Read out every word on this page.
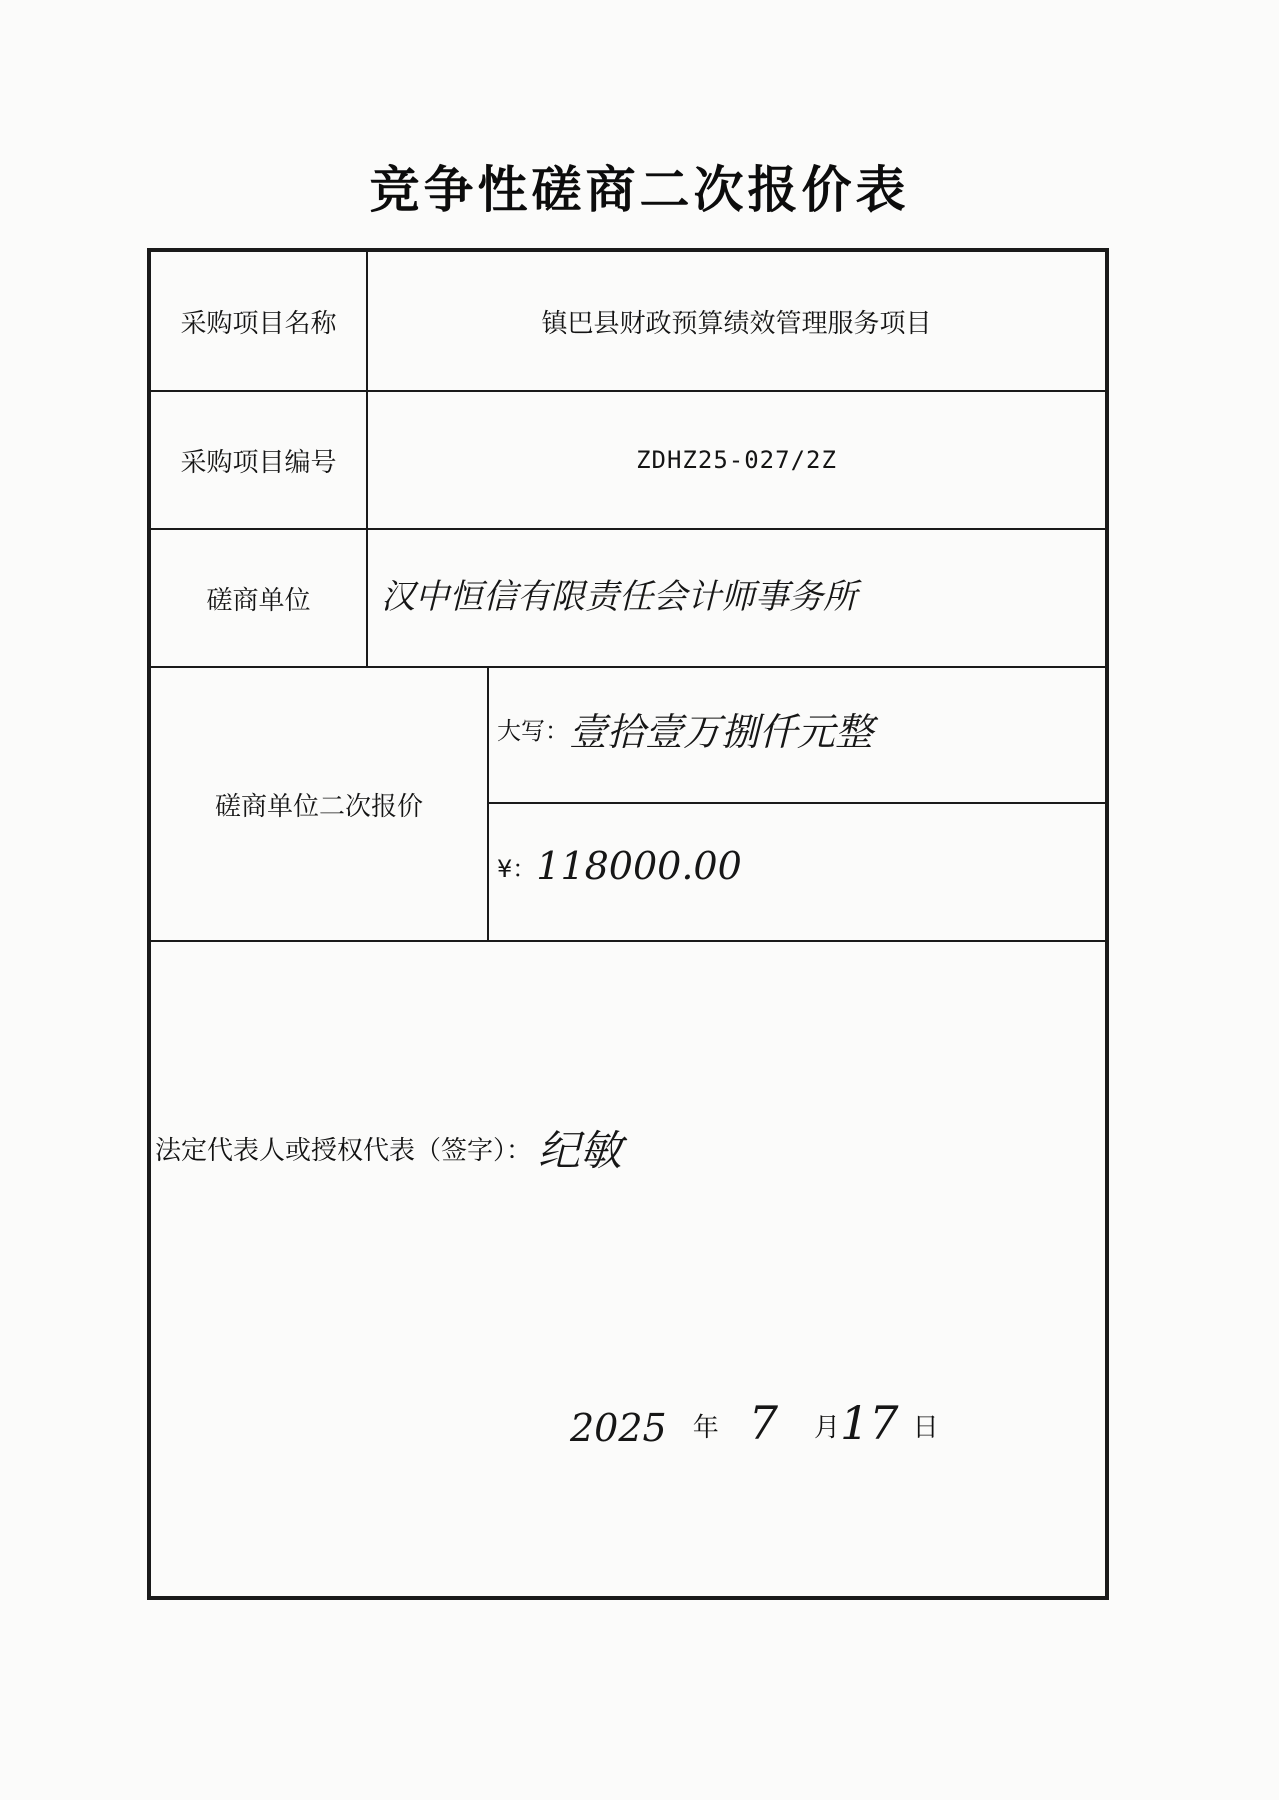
竞争性磋商二次报价表
采购项目名称	镇巴县财政预算绩效管理服务项目
采购项目编号	ZDHZ25-027/2Z
磋商单位	汉中恒信有限责任会计师事务所
磋商单位二次报价
大写： 壹拾壹万捌仟元整
¥： 118000.00
法定代表人或授权代表（签字）： 纪敏
2025 年 7 月 17 日
